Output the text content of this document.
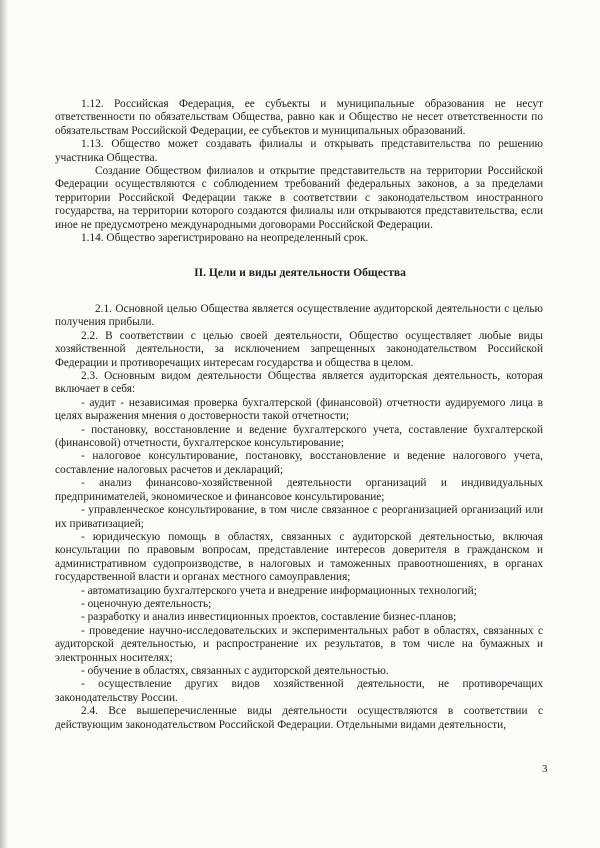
1.12. Российская Федерация, ее субъекты и муниципальные образования не несут ответственности по обязательствам Общества, равно как и Общество не несет ответственности по обязательствам Российской Федерации, ее субъектов и муниципальных образований.

1.13. Общество может создавать филиалы и открывать представительства по решению участника Общества.

Создание Обществом филиалов и открытие представительств на территории Российской Федерации осуществляются с соблюдением требований федеральных законов, а за пределами территории Российской Федерации также в соответствии с законодательством иностранного государства, на территории которого создаются филиалы или открываются представительства, если иное не предусмотрено международными договорами Российской Федерации.

1.14. Общество зарегистрировано на неопределенный срок.

II. Цели и виды деятельности Общества

2.1. Основной целью Общества является осуществление аудиторской деятельности с целью получения прибыли.

2.2. В соответствии с целью своей деятельности, Общество осуществляет любые виды хозяйственной деятельности, за исключением запрещенных законодательством Российской Федерации и противоречащих интересам государства и общества в целом.

2.3. Основным видом деятельности Общества является аудиторская деятельность, которая включает в себя:

- аудит - независимая проверка бухгалтерской (финансовой) отчетности аудируемого лица в целях выражения мнения о достоверности такой отчетности;

- постановку, восстановление и ведение бухгалтерского учета, составление бухгалтерской (финансовой) отчетности, бухгалтерское консультирование;

- налоговое консультирование, постановку, восстановление и ведение налогового учета, составление налоговых расчетов и деклараций;

- анализ финансово-хозяйственной деятельности организаций и индивидуальных предпринимателей, экономическое и финансовое консультирование;

- управленческое консультирование, в том числе связанное с реорганизацией организаций или их приватизацией;

- юридическую помощь в областях, связанных с аудиторской деятельностью, включая консультации по правовым вопросам, представление интересов доверителя в гражданском и административном судопроизводстве, в налоговых и таможенных правоотношениях, в органах государственной власти и органах местного самоуправления;

- автоматизацию бухгалтерского учета и внедрение информационных технологий;

- оценочную деятельность;

- разработку и анализ инвестиционных проектов, составление бизнес-планов;

- проведение научно-исследовательских и экспериментальных работ в областях, связанных с аудиторской деятельностью, и распространение их результатов, в том числе на бумажных и электронных носителях;

- обучение в областях, связанных с аудиторской деятельностью.

- осуществление других видов хозяйственной деятельности, не противоречащих законодательству России.

2.4. Все вышеперечисленные виды деятельности осуществляются в соответствии с действующим законодательством Российской Федерации. Отдельными видами деятельности,

3
